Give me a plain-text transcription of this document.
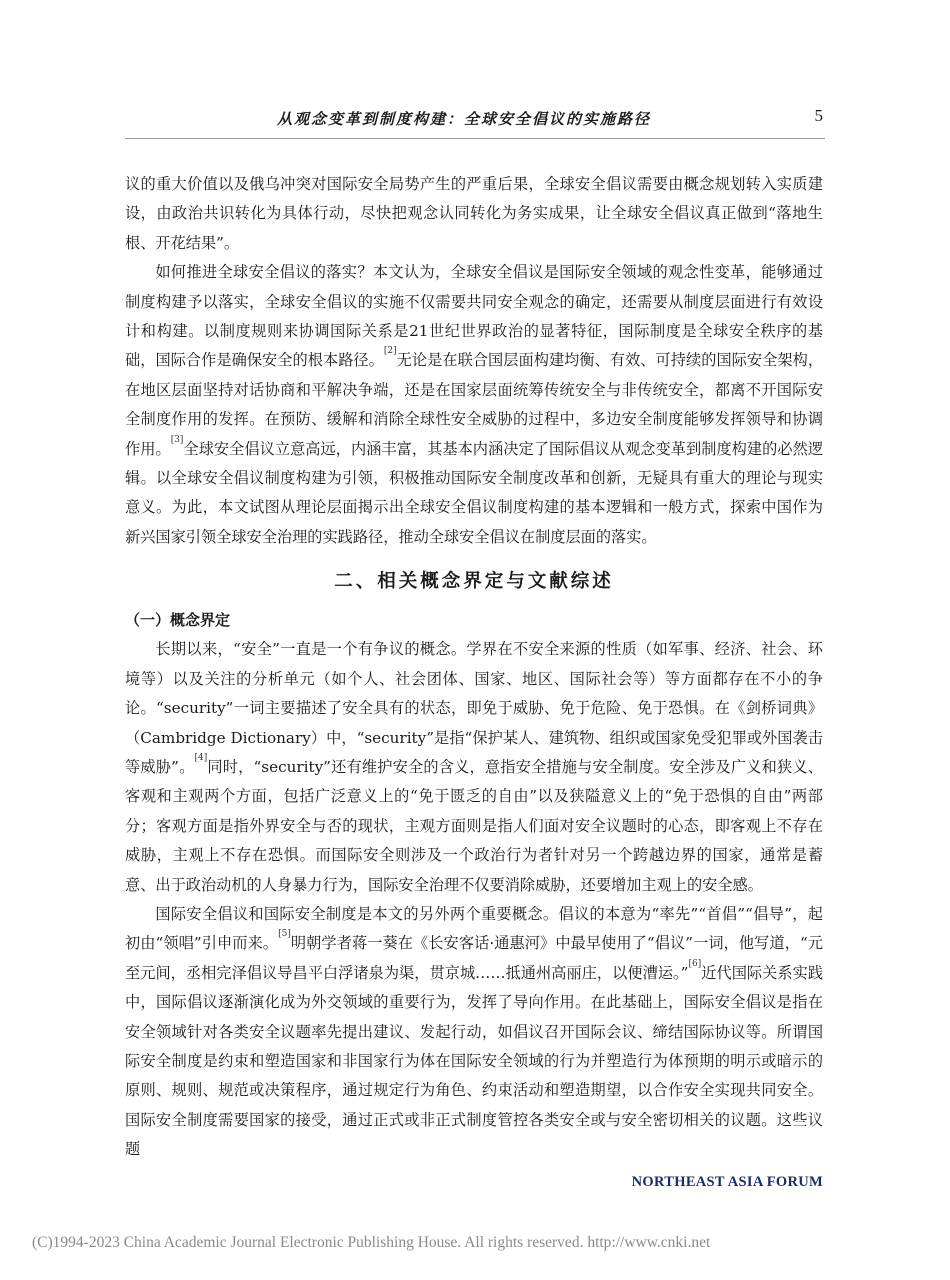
从观念变革到制度构建：全球安全倡议的实施路径	5

议的重大价值以及俄乌冲突对国际安全局势产生的严重后果，全球安全倡议需要由概念规划转入实质建设，由政治共识转化为具体行动，尽快把观念认同转化为务实成果，让全球安全倡议真正做到“落地生根、开花结果”。

如何推进全球安全倡议的落实？本文认为，全球安全倡议是国际安全领域的观念性变革，能够通过制度构建予以落实，全球安全倡议的实施不仅需要共同安全观念的确定，还需要从制度层面进行有效设计和构建。以制度规则来协调国际关系是21世纪世界政治的显著特征，国际制度是全球安全秩序的基础，国际合作是确保安全的根本路径。[2]无论是在联合国层面构建均衡、有效、可持续的国际安全架构，在地区层面坚持对话协商和平解决争端，还是在国家层面统筹传统安全与非传统安全，都离不开国际安全制度作用的发挥。在预防、缓解和消除全球性安全威胁的过程中，多边安全制度能够发挥领导和协调作用。[3]全球安全倡议立意高远，内涵丰富，其基本内涵决定了国际倡议从观念变革到制度构建的必然逻辑。以全球安全倡议制度构建为引领，积极推动国际安全制度改革和创新，无疑具有重大的理论与现实意义。为此，本文试图从理论层面揭示出全球安全倡议制度构建的基本逻辑和一般方式，探索中国作为新兴国家引领全球安全治理的实践路径，推动全球安全倡议在制度层面的落实。

二、相关概念界定与文献综述
（一）概念界定

长期以来，“安全”一直是一个有争议的概念。学界在不安全来源的性质（如军事、经济、社会、环境等）以及关注的分析单元（如个人、社会团体、国家、地区、国际社会等）等方面都存在不小的争论。“security”一词主要描述了安全具有的状态，即免于威胁、免于危险、免于恐惧。在《剑桥词典》（Cambridge Dictionary）中，“security”是指“保护某人、建筑物、组织或国家免受犯罪或外国袭击等威胁”。[4]同时，“security”还有维护安全的含义，意指安全措施与安全制度。安全涉及广义和狭义、客观和主观两个方面，包括广泛意义上的“免于匮乏的自由”以及狭隘意义上的“免于恐惧的自由”两部分；客观方面是指外界安全与否的现状，主观方面则是指人们面对安全议题时的心态，即客观上不存在威胁，主观上不存在恐惧。而国际安全则涉及一个政治行为者针对另一个跨越边界的国家，通常是蓄意、出于政治动机的人身暴力行为，国际安全治理不仅要消除威胁，还要增加主观上的安全感。

国际安全倡议和国际安全制度是本文的另外两个重要概念。倡议的本意为“率先”“首倡”“倡导”，起初由“领唱”引申而来。[5]明朝学者蒋一葵在《长安客话·通惠河》中最早使用了“倡议”一词，他写道，“元至元间，丞相完泽倡议导昌平白浮诸泉为渠，贯京城……抵通州高丽庄，以便漕运。”[6]近代国际关系实践中，国际倡议逐渐演化成为外交领域的重要行为，发挥了导向作用。在此基础上，国际安全倡议是指在安全领域针对各类安全议题率先提出建议、发起行动，如倡议召开国际会议、缔结国际协议等。所谓国际安全制度是约束和塑造国家和非国家行为体在国际安全领域的行为并塑造行为体预期的明示或暗示的原则、规则、规范或决策程序，通过规定行为角色、约束活动和塑造期望，以合作安全实现共同安全。国际安全制度需要国家的接受，通过正式或非正式制度管控各类安全或与安全密切相关的议题。这些议题

NORTHEAST ASIA FORUM
(C)1994-2023 China Academic Journal Electronic Publishing House. All rights reserved. http://www.cnki.net
